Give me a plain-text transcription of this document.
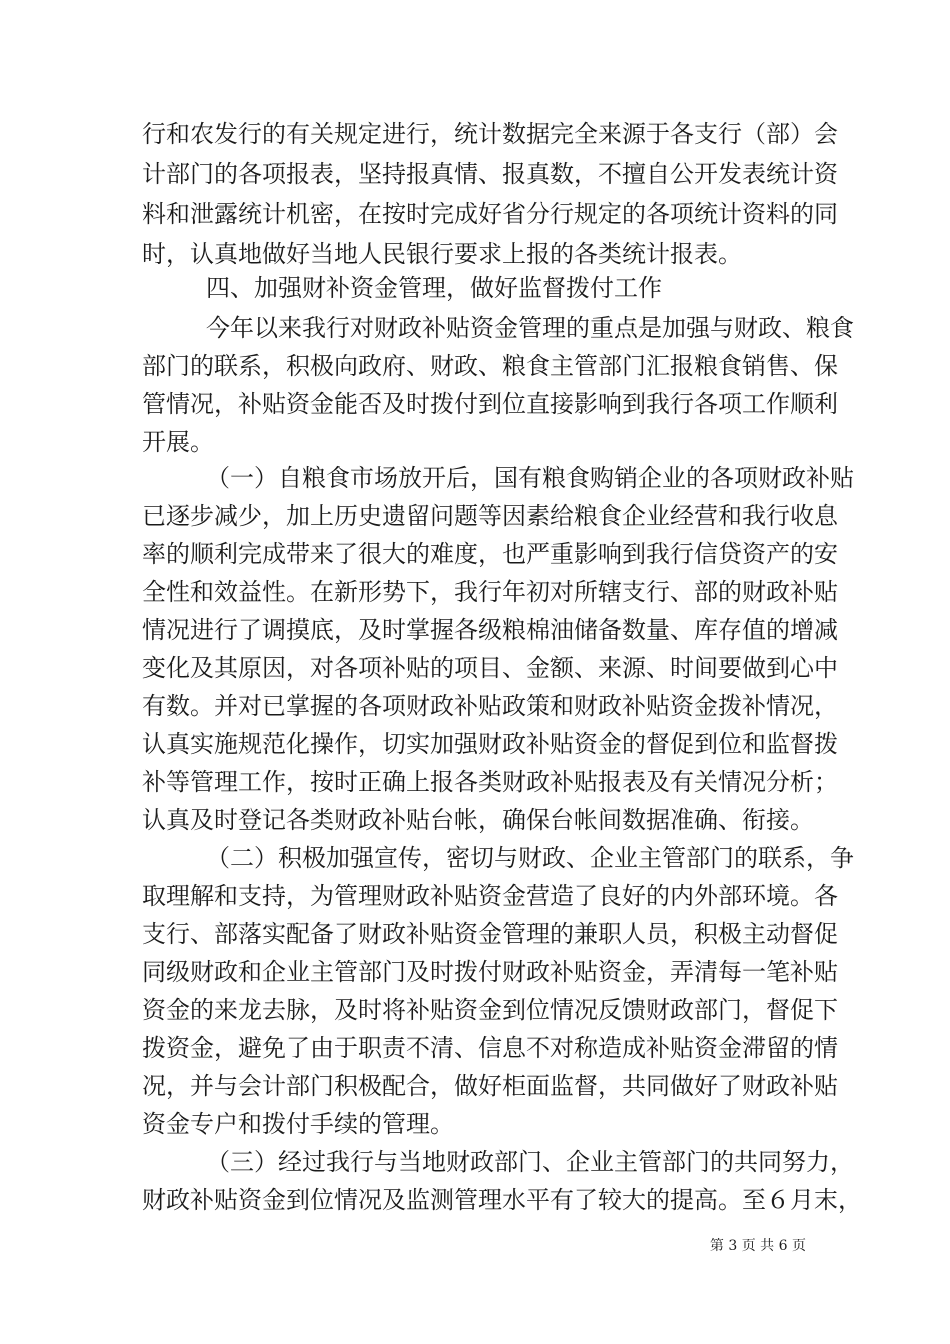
行和农发行的有关规定进行，统计数据完全来源于各支行（部）会
计部门的各项报表，坚持报真情、报真数，不擅自公开发表统计资
料和泄露统计机密，在按时完成好省分行规定的各项统计资料的同
时，认真地做好当地人民银行要求上报的各类统计报表。
四、加强财补资金管理，做好监督拨付工作
今年以来我行对财政补贴资金管理的重点是加强与财政、粮食
部门的联系，积极向政府、财政、粮食主管部门汇报粮食销售、保
管情况，补贴资金能否及时拨付到位直接影响到我行各项工作顺利
开展。
（一）自粮食市场放开后，国有粮食购销企业的各项财政补贴
已逐步减少，加上历史遗留问题等因素给粮食企业经营和我行收息
率的顺利完成带来了很大的难度，也严重影响到我行信贷资产的安
全性和效益性。在新形势下，我行年初对所辖支行、部的财政补贴
情况进行了调摸底，及时掌握各级粮棉油储备数量、库存值的增减
变化及其原因，对各项补贴的项目、金额、来源、时间要做到心中
有数。并对已掌握的各项财政补贴政策和财政补贴资金拨补情况，
认真实施规范化操作，切实加强财政补贴资金的督促到位和监督拨
补等管理工作，按时正确上报各类财政补贴报表及有关情况分析；
认真及时登记各类财政补贴台帐，确保台帐间数据准确、衔接。
（二）积极加强宣传，密切与财政、企业主管部门的联系，争
取理解和支持，为管理财政补贴资金营造了良好的内外部环境。各
支行、部落实配备了财政补贴资金管理的兼职人员，积极主动督促
同级财政和企业主管部门及时拨付财政补贴资金，弄清每一笔补贴
资金的来龙去脉，及时将补贴资金到位情况反馈财政部门，督促下
拨资金，避免了由于职责不清、信息不对称造成补贴资金滞留的情
况，并与会计部门积极配合，做好柜面监督，共同做好了财政补贴
资金专户和拨付手续的管理。
（三）经过我行与当地财政部门、企业主管部门的共同努力，
财政补贴资金到位情况及监测管理水平有了较大的提高。至６月末，
第 3 页 共 6 页
